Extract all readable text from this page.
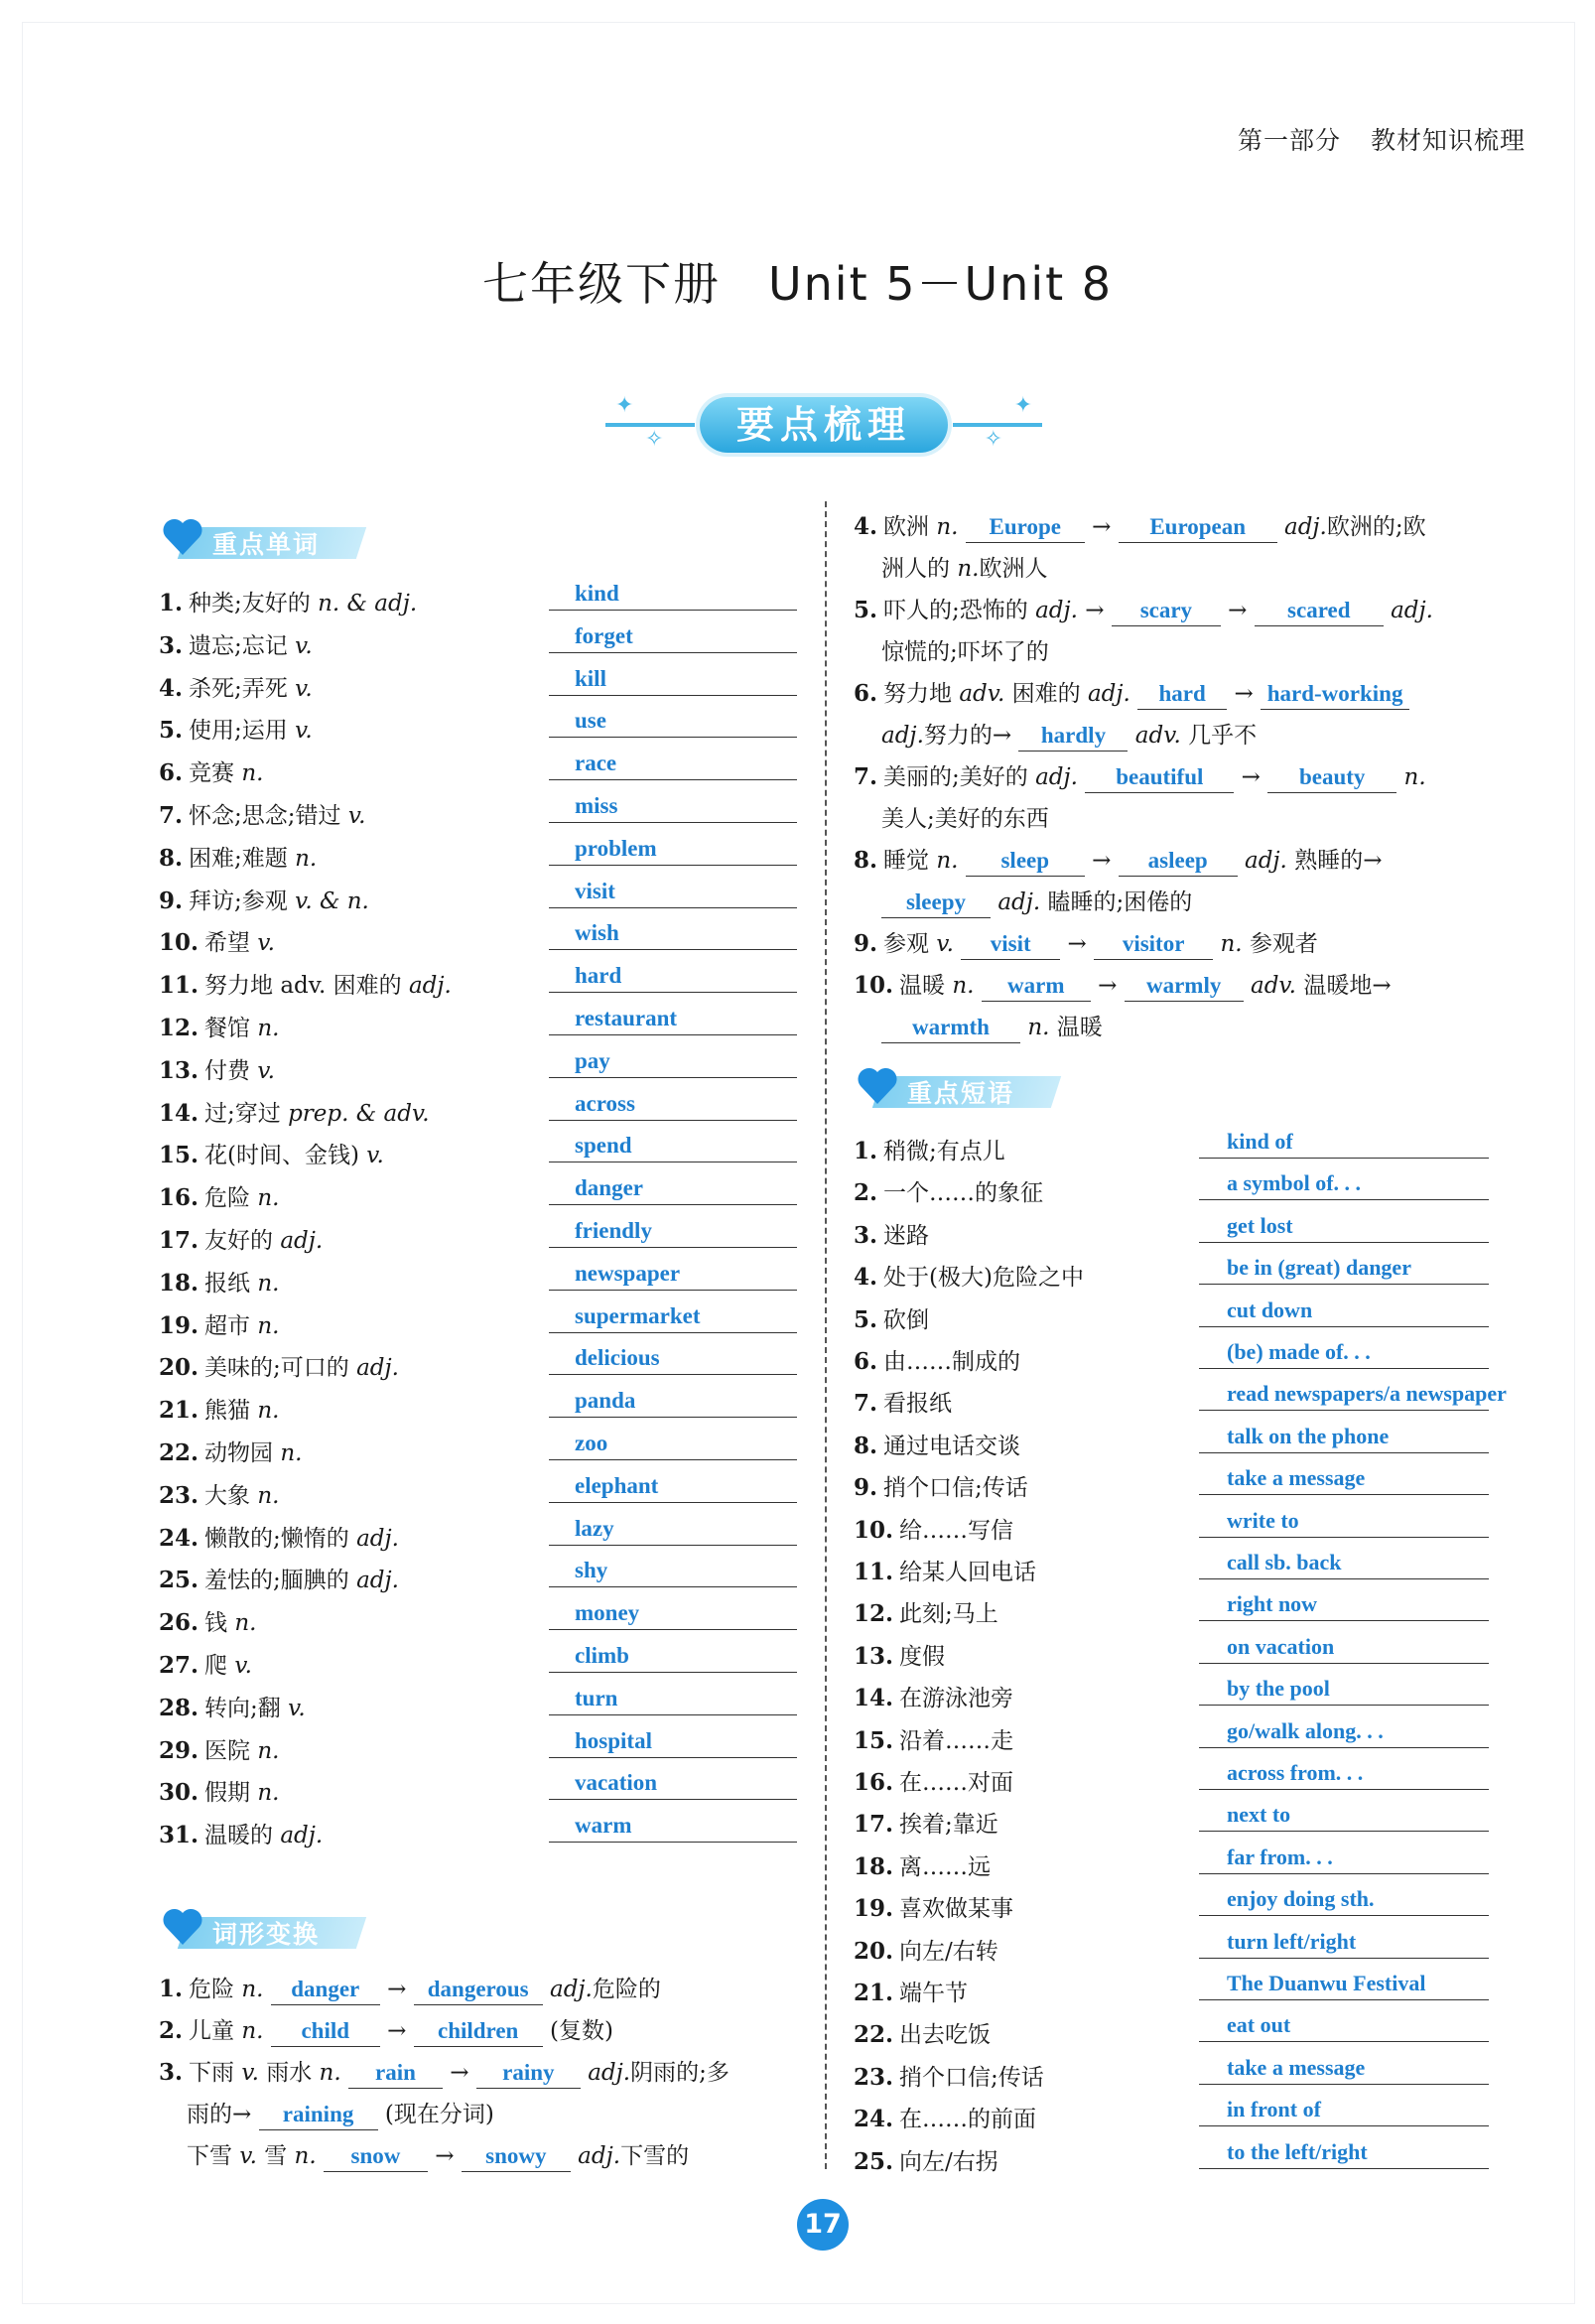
第一部分 教材知识梳理
七年级下册　Unit 5－Unit 8
✦	✦
✧	✧
要点梳理
重点单词
1. 种类;友好的 n. & adj.	kind
3. 遗忘;忘记 v.	forget
4. 杀死;弄死 v.	kill
5. 使用;运用 v.	use
6. 竞赛 n.	race
7. 怀念;思念;错过 v.	miss
8. 困难;难题 n.	problem
9. 拜访;参观 v. & n.	visit
10. 希望 v.	wish
11. 努力地 adv. 困难的 adj.	hard
12. 餐馆 n.	restaurant
13. 付费 v.	pay
14. 过;穿过 prep. & adv.	across
15. 花(时间、金钱) v.	spend
16. 危险 n.	danger
17. 友好的 adj.	friendly
18. 报纸 n.	newspaper
19. 超市 n.	supermarket
20. 美味的;可口的 adj.	delicious
21. 熊猫 n.	panda
22. 动物园 n.	zoo
23. 大象 n.	elephant
24. 懒散的;懒惰的 adj.	lazy
25. 羞怯的;腼腆的 adj.	shy
26. 钱 n.	money
27. 爬 v.	climb
28. 转向;翻 v.	turn
29. 医院 n.	hospital
30. 假期 n.	vacation
31. 温暖的 adj.	warm
词形变换
1. 危险 n. danger → dangerous adj.危险的
2. 儿童 n. child → children (复数)
3. 下雨 v. 雨水 n. rain → rainy adj.阴雨的;多
雨的→ raining (现在分词)
下雪 v. 雪 n. snow → snowy adj.下雪的
4. 欧洲 n. Europe → European adj.欧洲的;欧
洲人的 n.欧洲人
5. 吓人的;恐怖的 adj. → scary → scared adj.
惊慌的;吓坏了的
6. 努力地 adv. 困难的 adj. hard → hard-working
adj.努力的→ hardly adv. 几乎不
7. 美丽的;美好的 adj. beautiful → beauty n.
美人;美好的东西
8. 睡觉 n. sleep → asleep adj. 熟睡的→
sleepy adj. 瞌睡的;困倦的
9. 参观 v. visit → visitor n. 参观者
10. 温暖 n. warm → warmly adv. 温暖地→
warmth n. 温暖
重点短语
1. 稍微;有点儿	kind of
2. 一个……的象征	a symbol of. . .
3. 迷路	get lost
4. 处于(极大)危险之中	be in (great) danger
5. 砍倒	cut down
6. 由……制成的	(be) made of. . .
7. 看报纸	read newspapers/a newspaper
8. 通过电话交谈	talk on the phone
9. 捎个口信;传话	take a message
10. 给……写信	write to
11. 给某人回电话	call sb. back
12. 此刻;马上	right now
13. 度假	on vacation
14. 在游泳池旁	by the pool
15. 沿着……走	go/walk along. . .
16. 在……对面	across from. . .
17. 挨着;靠近	next to
18. 离……远	far from. . .
19. 喜欢做某事	enjoy doing sth.
20. 向左/右转	turn left/right
21. 端午节	The Duanwu Festival
22. 出去吃饭	eat out
23. 捎个口信;传话	take a message
24. 在……的前面	in front of
25. 向左/右拐	to the left/right
17
